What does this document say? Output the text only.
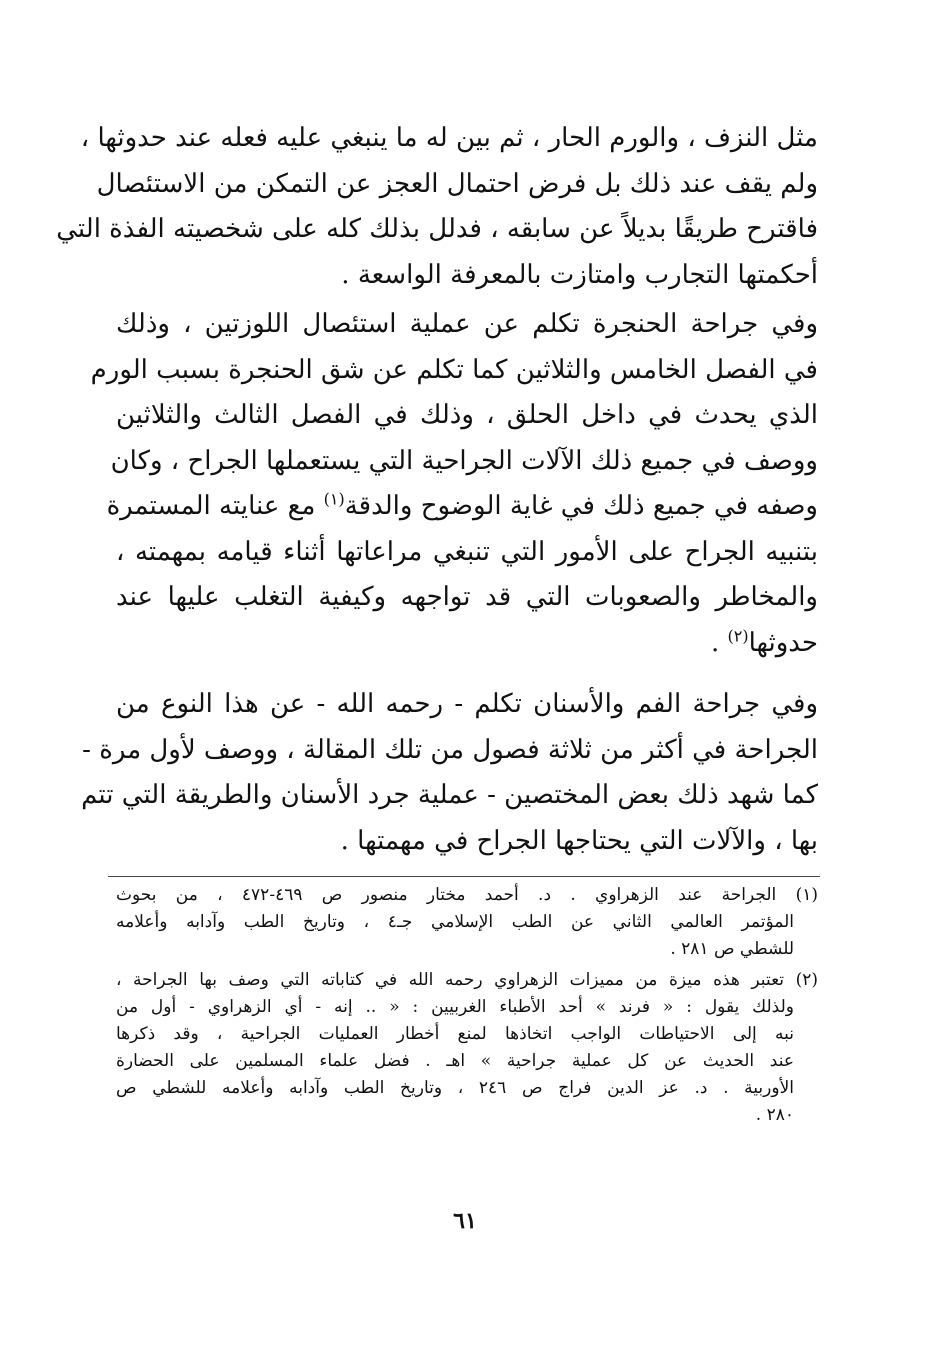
مثل النزف ، والورم الحار ، ثم بين له ما ينبغي عليه فعله عند حدوثها ،
ولم يقف عند ذلك بل فرض احتمال العجز عن التمكن من الاستئصال
فاقترح طريقًا بديلاً عن سابقه ، فدلل بذلك كله على شخصيته الفذة التي
أحكمتها التجارب وامتازت بالمعرفة الواسعة .
وفي جراحة الحنجرة تكلم عن عملية استئصال اللوزتين ، وذلك
في الفصل الخامس والثلاثين كما تكلم عن شق الحنجرة بسبب الورم
الذي يحدث في داخل الحلق ، وذلك في الفصل الثالث والثلاثين
ووصف في جميع ذلك الآلات الجراحية التي يستعملها الجراح ، وكان
وصفه في جميع ذلك في غاية الوضوح والدقة$^{(١)}$ مع عنايته المستمرة
بتنبيه الجراح على الأمور التي تنبغي مراعاتها أثناء قيامه بمهمته ،
والمخاطر والصعوبات التي قد تواجهه وكيفية التغلب عليها عند
حدوثها$^{(٢)}$ .
وفي جراحة الفم والأسنان تكلم - رحمه الله - عن هذا النوع من
الجراحة في أكثر من ثلاثة فصول من تلك المقالة ، ووصف لأول مرة -
كما شهد ذلك بعض المختصين - عملية جرد الأسنان والطريقة التي تتم
بها ، والآلات التي يحتاجها الجراح في مهمتها .
(١) الجراحة عند الزهراوي . د. أحمد مختار منصور ص ٤٦٩-٤٧٢ ، من بحوث
المؤتمر العالمي الثاني عن الطب الإسلامي جـ٤ ، وتاريخ الطب وآدابه وأعلامه
للشطي ص ٢٨١ .
(٢) تعتبر هذه ميزة من مميزات الزهراوي رحمه الله في كتاباته التي وصف بها الجراحة ،
ولذلك يقول : « فرند » أحد الأطباء الغربيين : « .. إنه - أي الزهراوي - أول من
نبه إلى الاحتياطات الواجب اتخاذها لمنع أخطار العمليات الجراحية ، وقد ذكرها
عند الحديث عن كل عملية جراحية » اهـ . فضل علماء المسلمين على الحضارة
الأوربية . د. عز الدين فراج ص ٢٤٦ ، وتاريخ الطب وآدابه وأعلامه للشطي ص
٢٨٠ .
٦١
